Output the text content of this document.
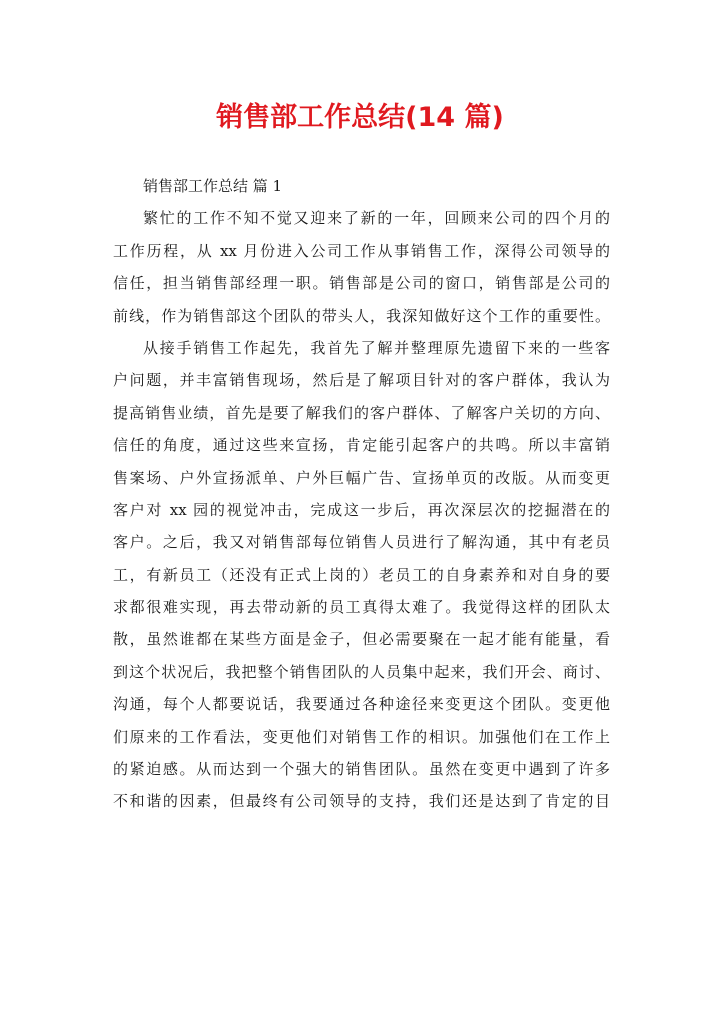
销售部工作总结(14 篇)
销售部工作总结 篇 1
繁忙的工作不知不觉又迎来了新的一年，回顾来公司的四个月的
工作历程，从 xx 月份进入公司工作从事销售工作，深得公司领导的
信任，担当销售部经理一职。销售部是公司的窗口，销售部是公司的
前线，作为销售部这个团队的带头人，我深知做好这个工作的重要性。
从接手销售工作起先，我首先了解并整理原先遗留下来的一些客
户问题，并丰富销售现场，然后是了解项目针对的客户群体，我认为
提高销售业绩，首先是要了解我们的客户群体、了解客户关切的方向、
信任的角度，通过这些来宣扬，肯定能引起客户的共鸣。所以丰富销
售案场、户外宣扬派单、户外巨幅广告、宣扬单页的改版。从而变更
客户对 xx 园的视觉冲击，完成这一步后，再次深层次的挖掘潜在的
客户。之后，我又对销售部每位销售人员进行了解沟通，其中有老员
工，有新员工（还没有正式上岗的）老员工的自身素养和对自身的要
求都很难实现，再去带动新的员工真得太难了。我觉得这样的团队太
散，虽然谁都在某些方面是金子，但必需要聚在一起才能有能量，看
到这个状况后，我把整个销售团队的人员集中起来，我们开会、商讨、
沟通，每个人都要说话，我要通过各种途径来变更这个团队。变更他
们原来的工作看法，变更他们对销售工作的相识。加强他们在工作上
的紧迫感。从而达到一个强大的销售团队。虽然在变更中遇到了许多
不和谐的因素，但最终有公司领导的支持，我们还是达到了肯定的目
